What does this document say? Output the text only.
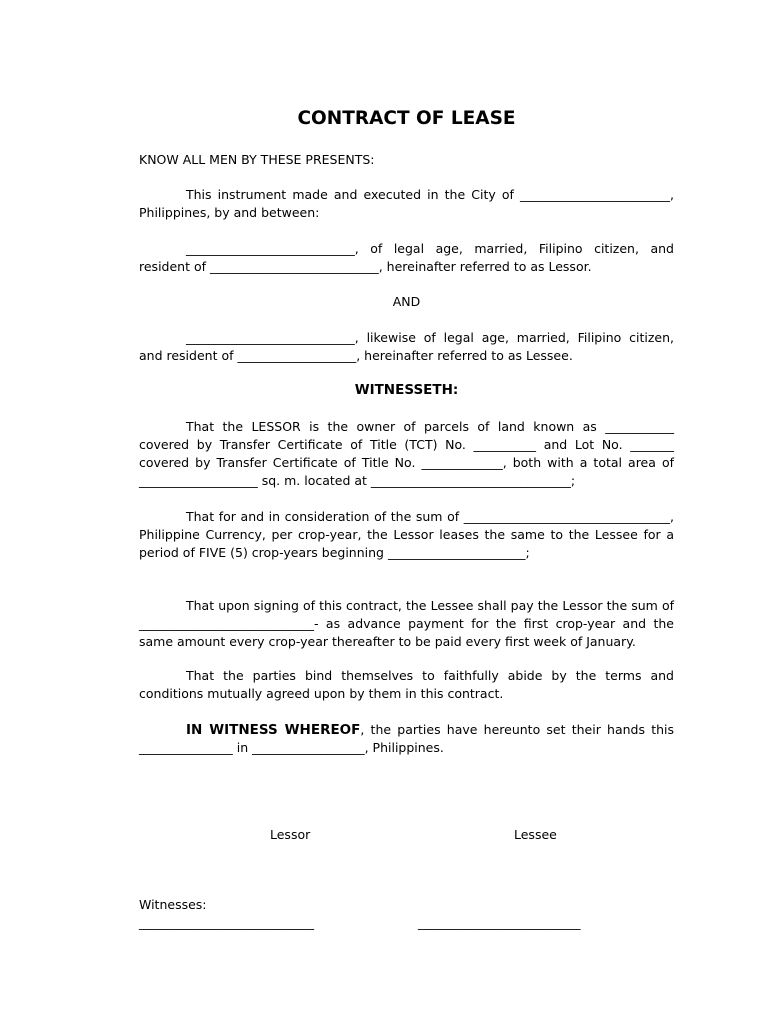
CONTRACT OF LEASE

KNOW ALL MEN BY THESE PRESENTS:

This instrument made and executed in the City of ________________________, Philippines, by and between:

___________________________, of legal age, married, Filipino citizen, and resident of ___________________________, hereinafter referred to as Lessor.

AND

___________________________, likewise of legal age, married, Filipino citizen, and resident of ___________________, hereinafter referred to as Lessee.

WITNESSETH:

That the LESSOR is the owner of parcels of land known as ___________ covered by Transfer Certificate of Title (TCT) No. __________ and Lot No. _______ covered by Transfer Certificate of Title No. _____________, both with a total area of ___________________ sq. m. located at ________________________________;

That for and in consideration of the sum of _________________________________, Philippine Currency, per crop-year, the Lessor leases the same to the Lessee for a period of FIVE (5) crop-years beginning ______________________;

That upon signing of this contract, the Lessee shall pay the Lessor the sum of ____________________________- as advance payment for the first crop-year and the same amount every crop-year thereafter to be paid every first week of January.

That the parties bind themselves to faithfully abide by the terms and conditions mutually agreed upon by them in this contract.

IN WITNESS WHEREOF, the parties have hereunto set their hands this _______________ in __________________, Philippines.

Lessor	Lessee
Witnesses:
____________________________	__________________________
